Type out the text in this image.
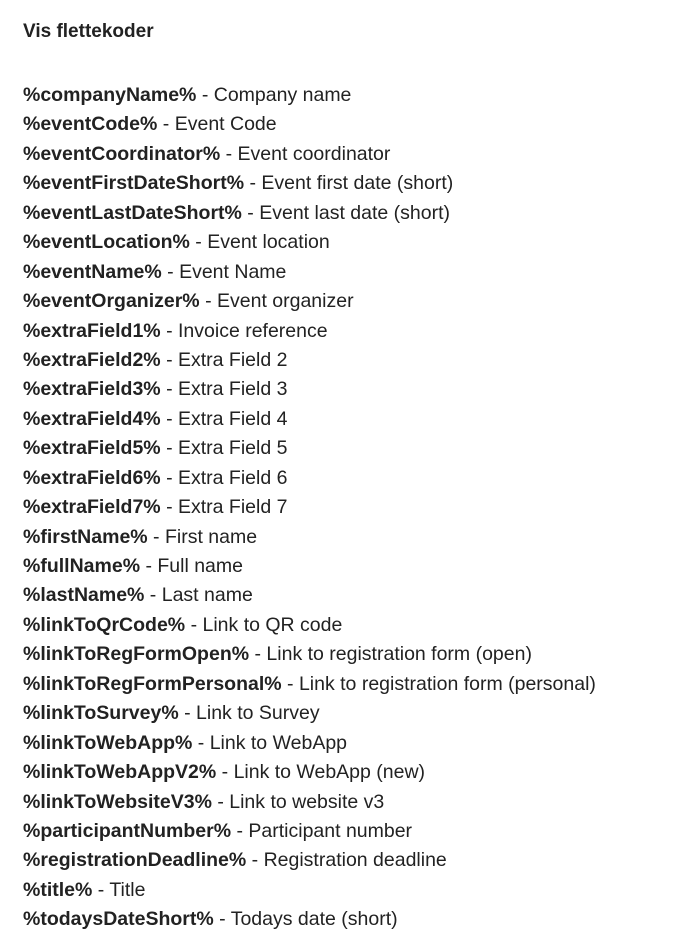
Vis flettekoder
%companyName% - Company name
%eventCode% - Event Code
%eventCoordinator% - Event coordinator
%eventFirstDateShort% - Event first date (short)
%eventLastDateShort% - Event last date (short)
%eventLocation% - Event location
%eventName% - Event Name
%eventOrganizer% - Event organizer
%extraField1% - Invoice reference
%extraField2% - Extra Field 2
%extraField3% - Extra Field 3
%extraField4% - Extra Field 4
%extraField5% - Extra Field 5
%extraField6% - Extra Field 6
%extraField7% - Extra Field 7
%firstName% - First name
%fullName% - Full name
%lastName% - Last name
%linkToQrCode% - Link to QR code
%linkToRegFormOpen% - Link to registration form (open)
%linkToRegFormPersonal% - Link to registration form (personal)
%linkToSurvey% - Link to Survey
%linkToWebApp% - Link to WebApp
%linkToWebAppV2% - Link to WebApp (new)
%linkToWebsiteV3% - Link to website v3
%participantNumber% - Participant number
%registrationDeadline% - Registration deadline
%title% - Title
%todaysDateShort% - Todays date (short)
